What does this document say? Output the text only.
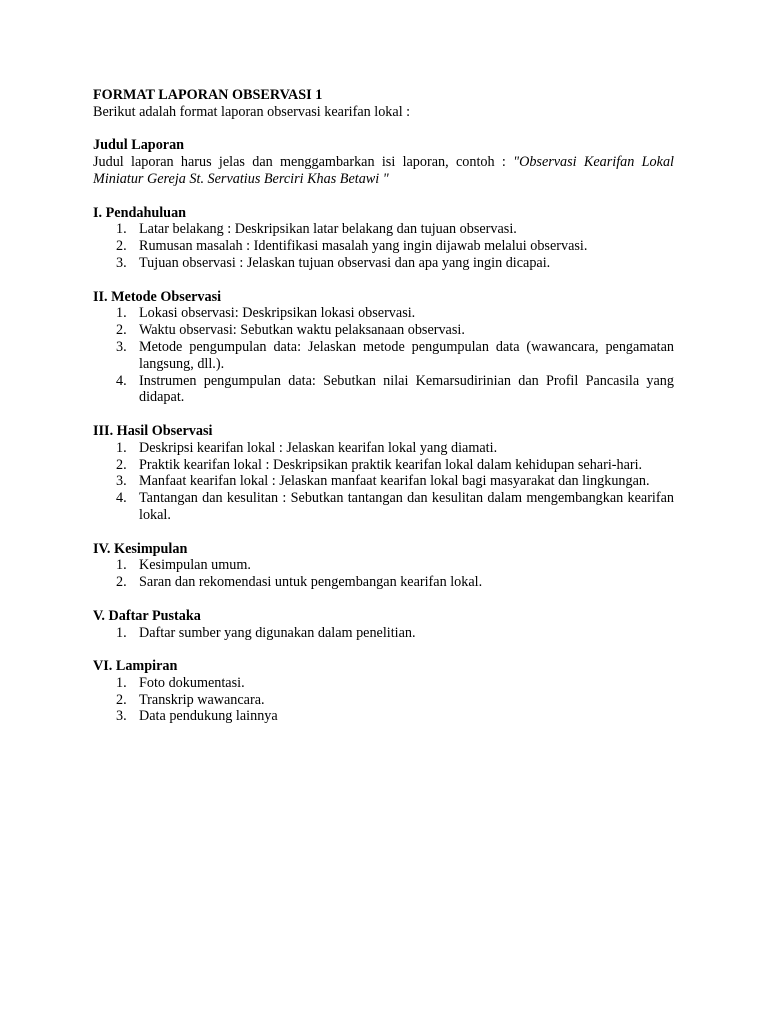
FORMAT LAPORAN OBSERVASI 1

Berikut adalah format laporan observasi kearifan lokal :

Judul Laporan

Judul laporan harus jelas dan menggambarkan isi laporan, contoh : "Observasi Kearifan Lokal Miniatur Gereja St. Servatius Berciri Khas Betawi "

I. Pendahuluan

1. Latar belakang : Deskripsikan latar belakang dan tujuan observasi.
2. Rumusan masalah : Identifikasi masalah yang ingin dijawab melalui observasi.
3. Tujuan observasi : Jelaskan tujuan observasi dan apa yang ingin dicapai.

II. Metode Observasi

1. Lokasi observasi: Deskripsikan lokasi observasi.
2. Waktu observasi: Sebutkan waktu pelaksanaan observasi.
3. Metode pengumpulan data: Jelaskan metode pengumpulan data (wawancara, pengamatan langsung, dll.).
4. Instrumen pengumpulan data: Sebutkan nilai Kemarsudirinian dan Profil Pancasila yang didapat.

III. Hasil Observasi

1. Deskripsi kearifan lokal : Jelaskan kearifan lokal yang diamati.
2. Praktik kearifan lokal : Deskripsikan praktik kearifan lokal dalam kehidupan sehari-hari.
3. Manfaat kearifan lokal : Jelaskan manfaat kearifan lokal bagi masyarakat dan lingkungan.
4. Tantangan dan kesulitan : Sebutkan tantangan dan kesulitan dalam mengembangkan kearifan lokal.

IV. Kesimpulan

1. Kesimpulan umum.
2. Saran dan rekomendasi untuk pengembangan kearifan lokal.

V. Daftar Pustaka

1. Daftar sumber yang digunakan dalam penelitian.

VI. Lampiran

1. Foto dokumentasi.
2. Transkrip wawancara.
3. Data pendukung lainnya
